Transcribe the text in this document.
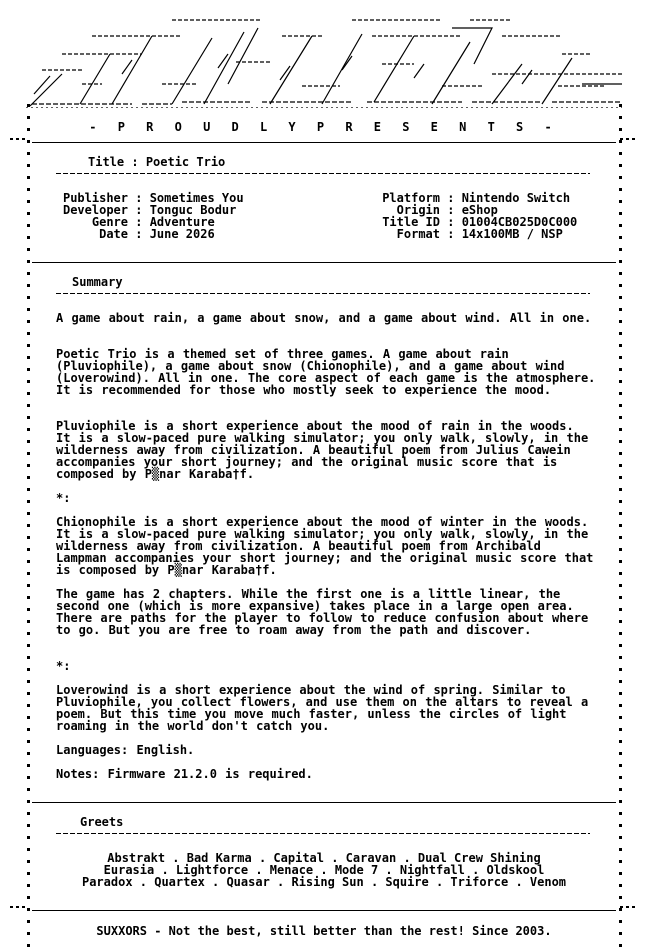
- P R O U D L Y P R E S E N T S -
Title : Poetic Trio
Publisher : Sometimes You
Developer : Tonguc Bodur
Genre : Adventure
Date : June 2026
Platform : Nintendo Switch
Origin : eShop
Title ID : 01004CB025D0C000
Format : 14x100MB / NSP
Summary
A game about rain, a game about snow, and a game about wind. All in one.
Poetic Trio is a themed set of three games. A game about rain (Pluviophile), a game about snow (Chionophile), and a game about wind (Loverowind). All in one. The core aspect of each game is the atmosphere. It is recommended for those who mostly seek to experience the mood.
Pluviophile is a short experience about the mood of rain in the woods. It is a slow-paced pure walking simulator; you only walk, slowly, in the wilderness away from civilization. A beautiful poem from Julius Cawein accompanies your short journey; and the original music score that is composed by P▒nar Karaba†f.
*:
Chionophile is a short experience about the mood of winter in the woods. It is a slow-paced pure walking simulator; you only walk, slowly, in the wilderness away from civilization. A beautiful poem from Archibald Lampman accompanies your short journey; and the original music score that is composed by P▒nar Karaba†f.
The game has 2 chapters. While the first one is a little linear, the second one (which is more expansive) takes place in a large open area. There are paths for the player to follow to reduce confusion about where to go. But you are free to roam away from the path and discover.
*:
Loverowind is a short experience about the wind of spring. Similar to Pluviophile, you collect flowers, and use them on the altars to reveal a poem. But this time you move much faster, unless the circles of light roaming in the world don't catch you.
Languages: English.
Notes: Firmware 21.2.0 is required.
Greets
Abstrakt . Bad Karma . Capital . Caravan . Dual Crew Shining
Eurasia . Lightforce . Menace . Mode 7 . Nightfall . Oldskool
Paradox . Quartex . Quasar . Rising Sun . Squire . Triforce . Venom
SUXXORS - Not the best, still better than the rest! Since 2003.
